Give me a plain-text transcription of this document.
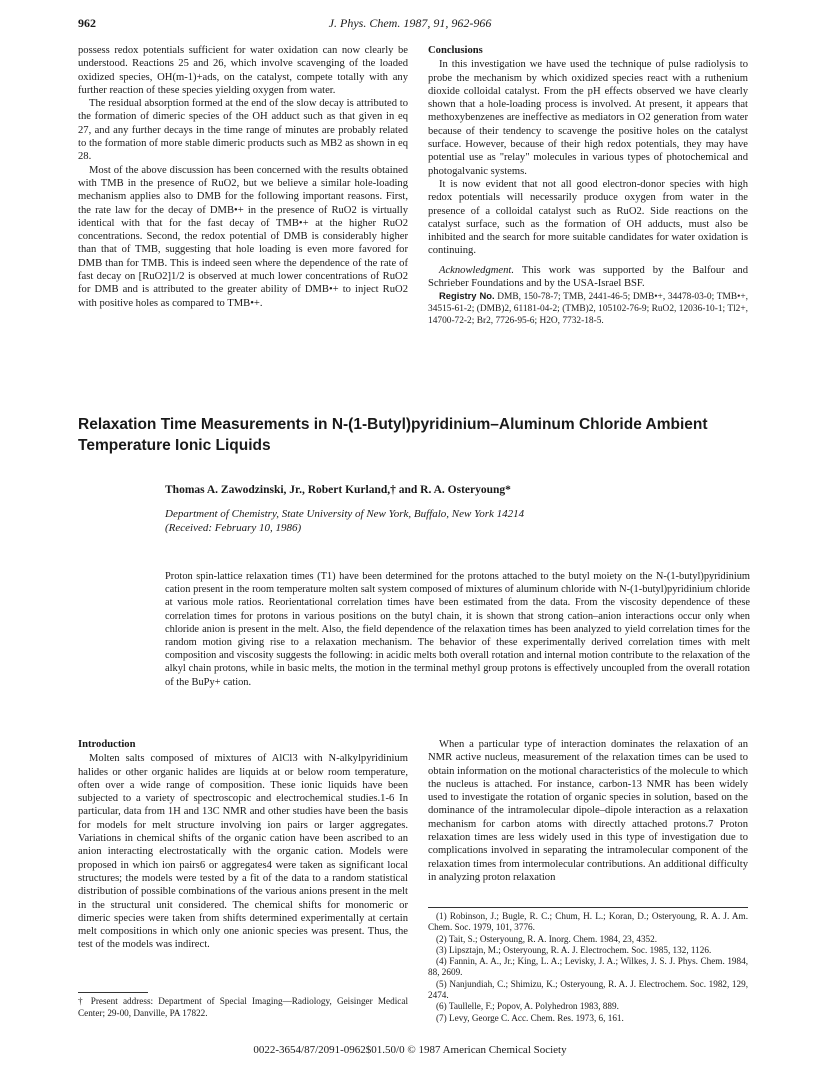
962	J. Phys. Chem. 1987, 91, 962-966

possess redox potentials sufficient for water oxidation can now clearly be understood. Reactions 25 and 26, which involve scavenging of the loaded oxidized species, OH(m-1)+ads, on the catalyst, compete totally with any further reaction of these species yielding oxygen from water.

The residual absorption formed at the end of the slow decay is attributed to the formation of dimeric species of the OH adduct such as that given in eq 27, and any further decays in the time range of minutes are probably related to the formation of more stable dimeric products such as MB2 as shown in eq 28.

Most of the above discussion has been concerned with the results obtained with TMB in the presence of RuO2, but we believe a similar hole-loading mechanism applies also to DMB for the following important reasons. First, the rate law for the decay of DMB•+ in the presence of RuO2 is virtually identical with that for the fast decay of TMB•+ at the higher RuO2 concentrations. Second, the redox potential of DMB is considerably higher than that of TMB, suggesting that hole loading is even more favored for DMB than for TMB. This is indeed seen where the dependence of the rate of fast decay on [RuO2]1/2 is observed at much lower concentrations of RuO2 for DMB and is attributed to the greater ability of DMB•+ to inject RuO2 with positive holes as compared to TMB•+.

Conclusions

In this investigation we have used the technique of pulse radiolysis to probe the mechanism by which oxidized species react with a ruthenium dioxide colloidal catalyst. From the pH effects observed we have clearly shown that a hole-loading process is involved. At present, it appears that methoxybenzenes are ineffective as mediators in O2 generation from water because of their tendency to scavenge the positive holes on the catalyst surface. However, because of their high redox potentials, they may have potential use as "relay" molecules in various types of photochemical and photogalvanic systems.

It is now evident that not all good electron-donor species with high redox potentials will necessarily produce oxygen from water in the presence of a colloidal catalyst such as RuO2. Side reactions on the catalyst surface, such as the formation of OH adducts, must also be inhibited and the search for more suitable candidates for water oxidation is continuing.

Acknowledgment. This work was supported by the Balfour and Schrieber Foundations and by the USA-Israel BSF.

Registry No. DMB, 150-78-7; TMB, 2441-46-5; DMB•+, 34478-03-0; TMB•+, 34515-61-2; (DMB)2, 61181-04-2; (TMB)2, 105102-76-9; RuO2, 12036-10-1; Tl2+, 14700-72-2; Br2, 7726-95-6; H2O, 7732-18-5.

Relaxation Time Measurements in N-(1-Butyl)pyridinium–Aluminum Chloride Ambient Temperature Ionic Liquids
Thomas A. Zawodzinski, Jr., Robert Kurland,† and R. A. Osteryoung*
Department of Chemistry, State University of New York, Buffalo, New York 14214
(Received: February 10, 1986)

Proton spin-lattice relaxation times (T1) have been determined for the protons attached to the butyl moiety on the N-(1-butyl)pyridinium cation present in the room temperature molten salt system composed of mixtures of aluminum chloride with N-(1-butyl)pyridinium chloride at various mole ratios. Reorientational correlation times have been estimated from the data. From the viscosity dependence of these correlation times for protons in various positions on the butyl chain, it is shown that strong cation–anion interactions occur only when chloride anion is present in the melt. Also, the field dependence of the relaxation times has been analyzed to yield correlation times for the random motion giving rise to a relaxation mechanism. The behavior of these experimentally derived correlation times with melt composition and viscosity suggests the following: in acidic melts both overall rotation and internal motion contribute to the relaxation of the alkyl chain protons, while in basic melts, the motion in the terminal methyl group protons is effectively uncoupled from the overall rotation of the BuPy+ cation.

Introduction

Molten salts composed of mixtures of AlCl3 with N-alkylpyridinium halides or other organic halides are liquids at or below room temperature, often over a wide range of composition. These ionic liquids have been subjected to a variety of spectroscopic and electrochemical studies.1-6 In particular, data from 1H and 13C NMR and other studies have been the basis for models for melt structure involving ion pairs or larger aggregates. Variations in chemical shifts of the organic cation have been ascribed to an anion interacting electrostatically with the organic cation. Models were proposed in which ion pairs6 or aggregates4 were taken as significant local structures; the models were tested by a fit of the data to a random statistical distribution of possible combinations of the various anions present in the melt in the structural unit considered. The chemical shifts for monomeric or dimeric species were taken from shifts determined experimentally at certain melt compositions in which only one anionic species was present. Thus, the test of the models was indirect.

† Present address: Department of Special Imaging—Radiology, Geisinger Medical Center; 29-00, Danville, PA 17822.

When a particular type of interaction dominates the relaxation of an NMR active nucleus, measurement of the relaxation times can be used to obtain information on the motional characteristics of the molecule to which the nucleus is attached. For instance, carbon-13 NMR has been widely used to investigate the rotation of organic species in solution, based on the dominance of the intramolecular dipole–dipole interaction as a relaxation mechanism for carbon atoms with directly attached protons.7 Proton relaxation times are less widely used in this type of investigation due to complications involved in separating the intramolecular component of the relaxation times from intermolecular contributions. An additional difficulty in analyzing proton relaxation

(1) Robinson, J.; Bugle, R. C.; Chum, H. L.; Koran, D.; Osteryoung, R. A. J. Am. Chem. Soc. 1979, 101, 3776.
(2) Tait, S.; Osteryoung, R. A. Inorg. Chem. 1984, 23, 4352.
(3) Lipsztajn, M.; Osteryoung, R. A. J. Electrochem. Soc. 1985, 132, 1126.
(4) Fannin, A. A., Jr.; King, L. A.; Levisky, J. A.; Wilkes, J. S. J. Phys. Chem. 1984, 88, 2609.
(5) Nanjundiah, C.; Shimizu, K.; Osteryoung, R. A. J. Electrochem. Soc. 1982, 129, 2474.
(6) Taullelle, F.; Popov, A. Polyhedron 1983, 889.
(7) Levy, George C. Acc. Chem. Res. 1973, 6, 161.
0022-3654/87/2091-0962$01.50/0 © 1987 American Chemical Society
